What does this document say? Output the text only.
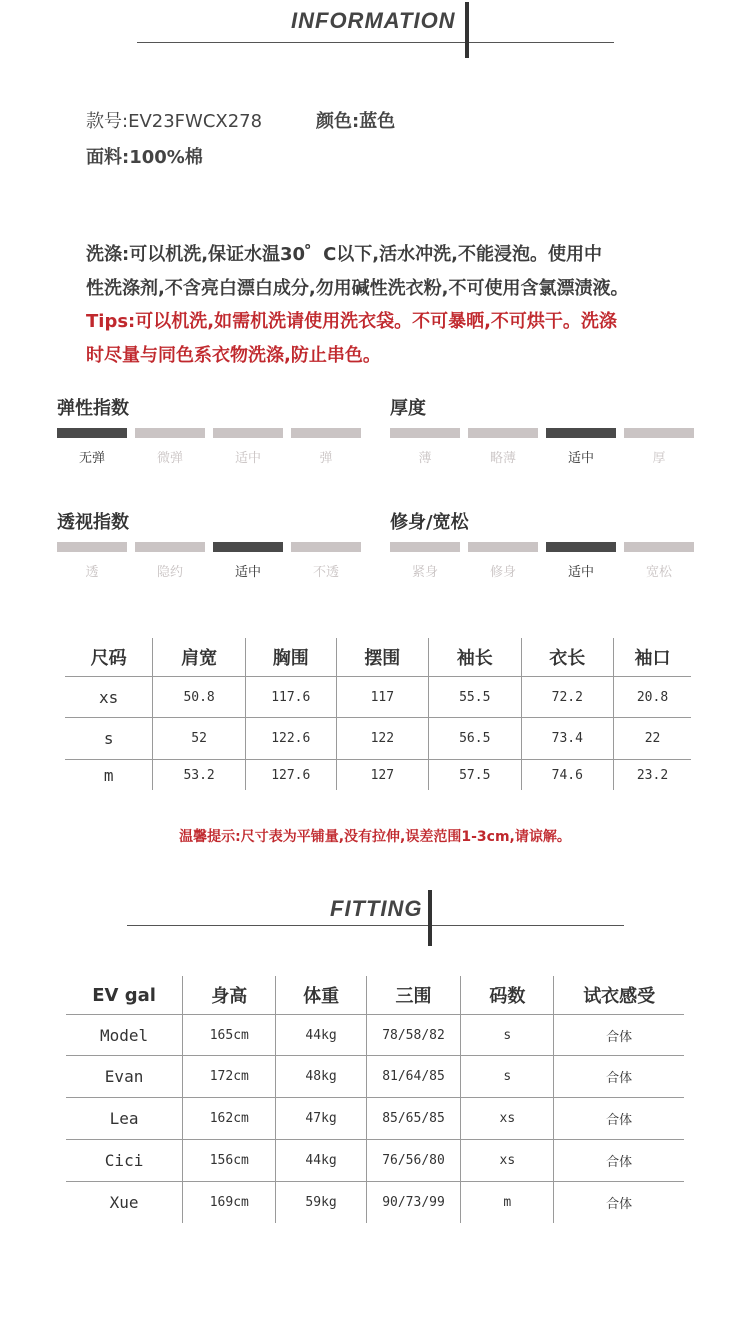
INFORMATION
款号:EV23FWCX278	颜色:蓝色
面料:100%棉

洗涤:可以机洗,保证水温30゜C以下,活水冲洗,不能浸泡。使用中

性洗涤剂,不含亮白漂白成分,勿用碱性洗衣粉,不可使用含氯漂渍液。

Tips:可以机洗,如需机洗请使用洗衣袋。不可暴晒,不可烘干。洗涤

时尽量与同色系衣物洗涤,防止串色。

弹性指数
无弹	微弹	适中	弹
厚度
薄	略薄	适中	厚
透视指数
透	隐约	适中	不透
修身/宽松
紧身	修身	适中	宽松
尺码	肩宽	胸围	摆围	袖长	衣长	袖口
xs	50.8	117.6	117	55.5	72.2	20.8
s	52	122.6	122	56.5	73.4	22
m	53.2	127.6	127	57.5	74.6	23.2
温馨提示:尺寸表为平铺量,没有拉伸,误差范围1-3cm,请谅解。
FITTING
EV gal	身高	体重	三围	码数	试衣感受
Model	165cm	44kg	78/58/82	s	合体
Evan	172cm	48kg	81/64/85	s	合体
Lea	162cm	47kg	85/65/85	xs	合体
Cici	156cm	44kg	76/56/80	xs	合体
Xue	169cm	59kg	90/73/99	m	合体
